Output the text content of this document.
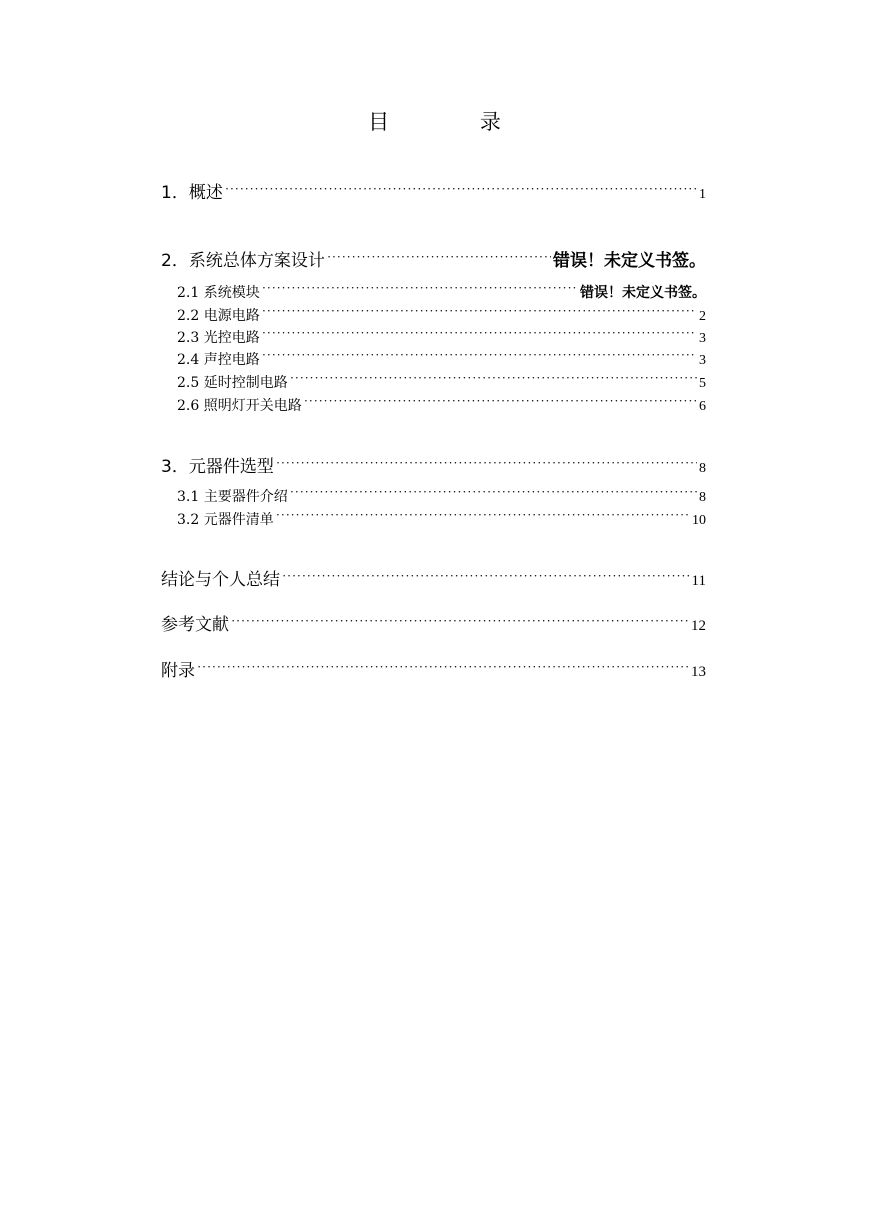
目 录
1．概述 ·····	1
2．系统总体方案设计 ·····	错误！未定义书签。
2.1 系统模块 ·····	错误！未定义书签。
2.2 电源电路 ·····	2
2.3 光控电路 ·····	3
2.4 声控电路 ·····	3
2.5 延时控制电路 ·····	5
2.6 照明灯开关电路 ·····	6
3．元器件选型 ·····	8
3.1 主要器件介绍 ·····	8
3.2 元器件清单 ·····	10
结论与个人总结 ·····	11
参考文献 ·····	12
附录 ·····	13
